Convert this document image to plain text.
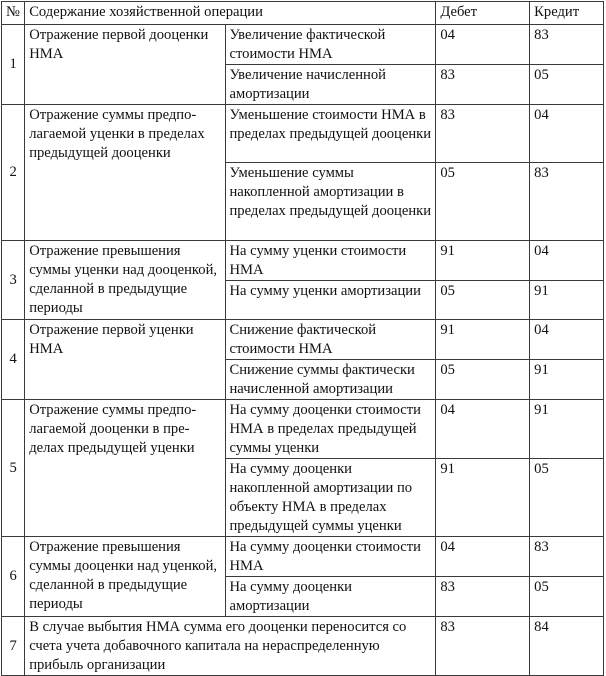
№	Содержание хозяйственной операции		Дебет	Кредит
1	Отражение первой дооценки НМА	Увеличение фактической стоимости НМА	04	83
		Увеличение начисленной амортизации	83	05
2	Отражение суммы предпо-лагаемой уценки в пределах предыдущей дооценки	Уменьшение стоимости НМА в пределах предыдущей дооценки	83	04
		Уменьшение суммы накопленной амортизации в пределах предыдущей дооценки	05	83
3	Отражение превышения суммы уценки над дооценкой, сделанной в предыдущие периоды	На сумму уценки стоимости НМА	91	04
		На сумму уценки амортизации	05	91
4	Отражение первой уценки НМА	Снижение фактической стоимости НМА	91	04
		Снижение суммы фактически начисленной амортизации	05	91
5	Отражение суммы предпо-лагаемой дооценки в пре-делах предыдущей уценки	На сумму дооценки стоимости НМА в пределах предыдущей суммы уценки	04	91
		На сумму дооценки накопленной амортизации по объекту НМА в пределах предыдущей суммы уценки	91	05
6	Отражение превышения суммы дооценки над уценкой, сделанной в предыдущие периоды	На сумму дооценки стоимости НМА	04	83
		На сумму дооценки амортизации	83	05
7	В случае выбытия НМА сумма его дооценки переносится со счета учета добавочного капитала на нераспределенную прибыль организации		83	84
